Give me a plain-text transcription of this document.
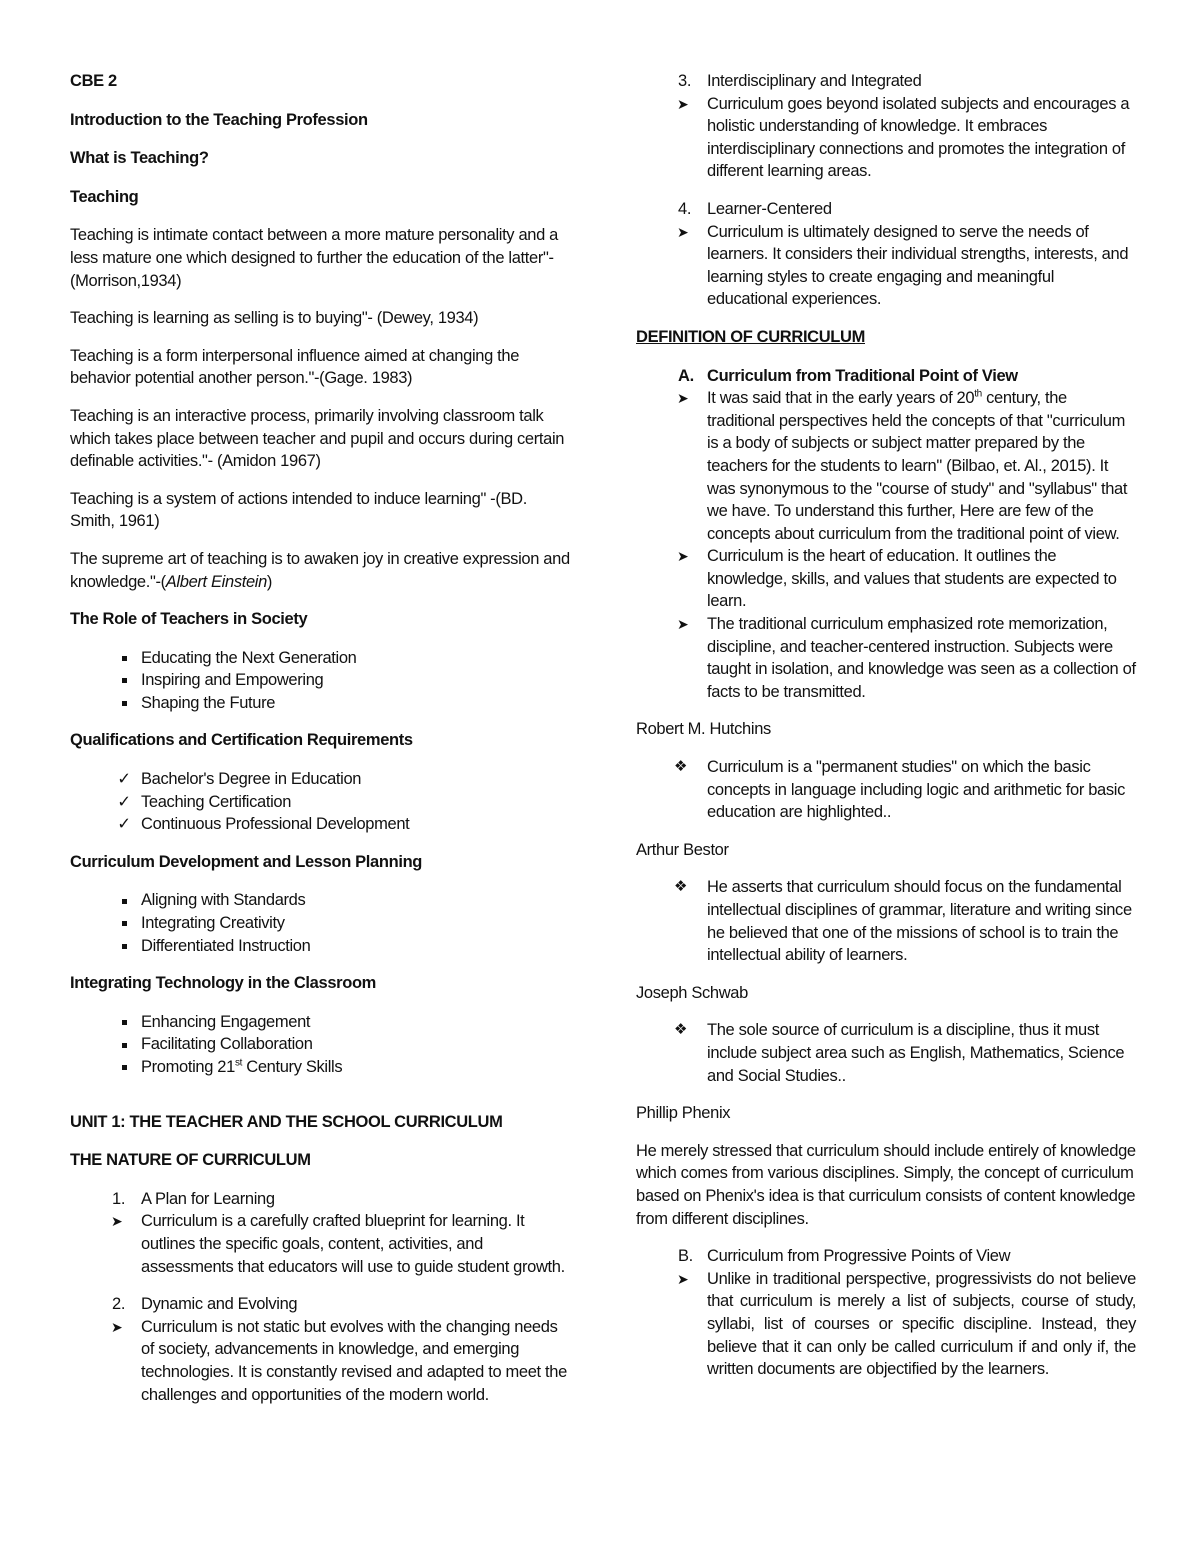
CBE 2

Introduction to the Teaching Profession

What is Teaching?

Teaching

Teaching is intimate contact between a more mature personality and a less mature one which designed to further the education of the latter"- (Morrison,1934)

Teaching is learning as selling is to buying"- (Dewey, 1934)

Teaching is a form interpersonal influence aimed at changing the behavior potential another person."-(Gage. 1983)

Teaching is an interactive process, primarily involving classroom talk which takes place between teacher and pupil and occurs during certain definable activities."- (Amidon 1967)

Teaching is a system of actions intended to induce learning" -(BD. Smith, 1961)

The supreme art of teaching is to awaken joy in creative expression and knowledge."-(Albert Einstein)

The Role of Teachers in Society

Educating the Next Generation
Inspiring and Empowering
Shaping the Future

Qualifications and Certification Requirements

✓ Bachelor's Degree in Education
✓ Teaching Certification
✓ Continuous Professional Development

Curriculum Development and Lesson Planning

Aligning with Standards
Integrating Creativity
Differentiated Instruction

Integrating Technology in the Classroom

Enhancing Engagement
Facilitating Collaboration
Promoting 21st Century Skills

UNIT 1: THE TEACHER AND THE SCHOOL CURRICULUM

THE NATURE OF CURRICULUM

1. A Plan for Learning
➤ Curriculum is a carefully crafted blueprint for learning. It outlines the specific goals, content, activities, and assessments that educators will use to guide student growth.
2. Dynamic and Evolving
➤ Curriculum is not static but evolves with the changing needs of society, advancements in knowledge, and emerging technologies. It is constantly revised and adapted to meet the challenges and opportunities of the modern world.
3. Interdisciplinary and Integrated
➤ Curriculum goes beyond isolated subjects and encourages a holistic understanding of knowledge. It embraces interdisciplinary connections and promotes the integration of different learning areas.
4. Learner-Centered
➤ Curriculum is ultimately designed to serve the needs of learners. It considers their individual strengths, interests, and learning styles to create engaging and meaningful educational experiences.

DEFINITION OF CURRICULUM

A. Curriculum from Traditional Point of View
➤ It was said that in the early years of 20th century, the traditional perspectives held the concepts of that "curriculum is a body of subjects or subject matter prepared by the teachers for the students to learn" (Bilbao, et. Al., 2015). It was synonymous to the "course of study" and "syllabus" that we have. To understand this further, Here are few of the concepts about curriculum from the traditional point of view.
➤ Curriculum is the heart of education. It outlines the knowledge, skills, and values that students are expected to learn.
➤ The traditional curriculum emphasized rote memorization, discipline, and teacher-centered instruction. Subjects were taught in isolation, and knowledge was seen as a collection of facts to be transmitted.

Robert M. Hutchins

❖ Curriculum is a "permanent studies" on which the basic concepts in language including logic and arithmetic for basic education are highlighted..

Arthur Bestor

❖ He asserts that curriculum should focus on the fundamental intellectual disciplines of grammar, literature and writing since he believed that one of the missions of school is to train the intellectual ability of learners.

Joseph Schwab

❖ The sole source of curriculum is a discipline, thus it must include subject area such as English, Mathematics, Science and Social Studies..

Phillip Phenix

He merely stressed that curriculum should include entirely of knowledge which comes from various disciplines. Simply, the concept of curriculum based on Phenix's idea is that curriculum consists of content knowledge from different disciplines.

B. Curriculum from Progressive Points of View
➤ Unlike in traditional perspective, progressivists do not believe that curriculum is merely a list of subjects, course of study, syllabi, list of courses or specific discipline. Instead, they believe that it can only be called curriculum if and only if, the written documents are objectified by the learners.
